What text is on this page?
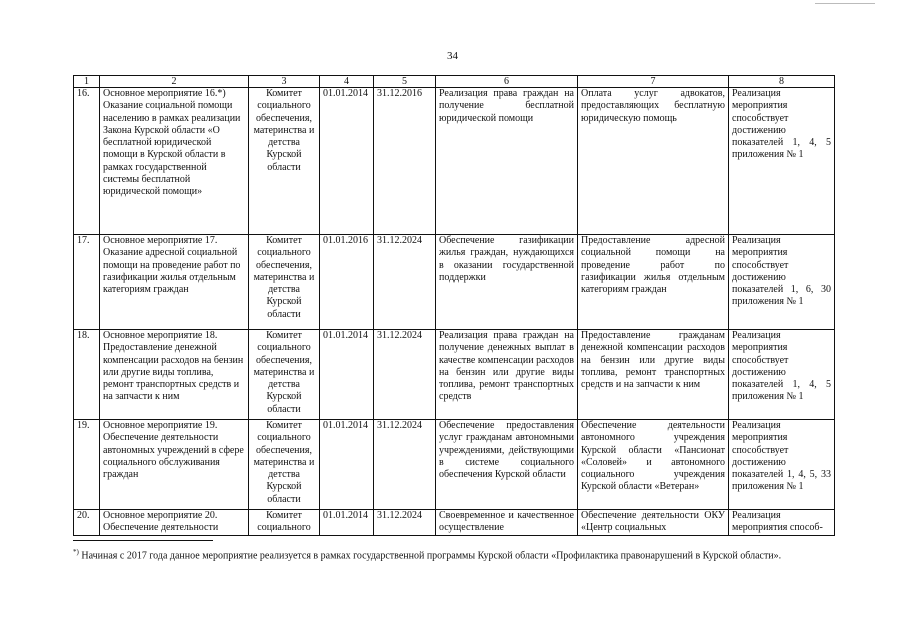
34
1	2	3	4	5	6	7	8
16.	Основное мероприятие 16.*) Оказание социальной помощи населению в рамках реализации Закона Курской области «О бесплатной юридической помощи в Курской области в рамках государственной системы бесплатной юридической помощи»	Комитет социального обеспечения, материнства и детства Курской области	01.01.2014	31.12.2016	Реализация права граждан на получение бесплатной юридической помощи	Оплата услуг адвокатов, предоставляющих бесплатную юридическую помощь	Реализация мероприятия способствует достижению показателей 1, 4, 5 приложения № 1
17.	Основное мероприятие 17. Оказание адресной социальной помощи на проведение работ по газификации жилья отдельным категориям граждан	Комитет социального обеспечения, материнства и детства Курской области	01.01.2016	31.12.2024	Обеспечение газификации жилья граждан, нуждающихся в оказании государственной поддержки	Предоставление адресной социальной помощи на проведение работ по газификации жилья отдельным категориям граждан	Реализация мероприятия способствует достижению показателей 1, 6, 30 приложения № 1
18.	Основное мероприятие 18. Предоставление денежной компенсации расходов на бензин или другие виды топлива, ремонт транспортных средств и на запчасти к ним	Комитет социального обеспечения, материнства и детства Курской области	01.01.2014	31.12.2024	Реализация права граждан на получение денежных выплат в качестве компенсации расходов на бензин или другие виды топлива, ремонт транспортных средств	Предоставление гражданам денежной компенсации расходов на бензин или другие виды топлива, ремонт транспортных средств и на запчасти к ним	Реализация мероприятия способствует достижению показателей 1, 4, 5 приложения № 1
19.	Основное мероприятие 19. Обеспечение деятельности автономных учреждений в сфере социального обслуживания граждан	Комитет социального обеспечения, материнства и детства Курской области	01.01.2014	31.12.2024	Обеспечение предоставления услуг гражданам автономными учреждениями, действующими в системе социального обеспечения Курской области	Обеспечение деятельности автономного учреждения Курской области «Пансионат «Соловей» и автономного социального учреждения Курской области «Ветеран»	Реализация мероприятия способствует достижению показателей 1, 4, 5, 33 приложения № 1
20.	Основное мероприятие 20. Обеспечение деятельности	Комитет социального	01.01.2014	31.12.2024	Своевременное и качественное осуществление	Обеспечение деятельности ОКУ «Центр социальных	Реализация мероприятия способ-
*) Начиная с 2017 года данное мероприятие реализуется в рамках государственной программы Курской области «Профилактика правонарушений в Курской области».
